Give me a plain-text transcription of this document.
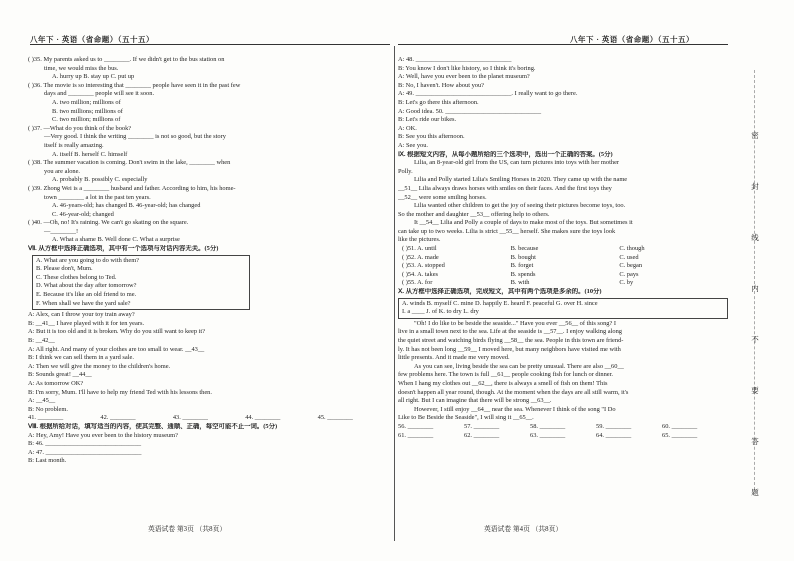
八年下 · 英语（省命题）（五十五）	八年下 · 英语（省命题）（五十五）
( )35. My parents asked us to ________. If we didn't get to the bus station on
time, we would miss the bus.
A. hurry up B. stay up C. put up
( )36. The movie is so interesting that ________ people have seen it in the past few
days and ________ people will see it soon.
A. two million; millions of
B. two millions; millions of
C. two million; millions of
( )37. —What do you think of the book?
—Very good. I think the writing ________ is not so good, but the story
itself is really amazing.
A. itself B. herself C. himself
( )38. The summer vacation is coming. Don't swim in the lake, ________ when
you are alone.
A. probably B. possibly C. especially
( )39. Zhong Wei is a ________ husband and father. According to him, his home-
town ________ a lot in the past ten years.
A. 46-years-old; has changed B. 46-year-old; has changed
C. 46-year-old; changed
( )40. —Oh, no! It's raining. We can't go skating on the square.
—________!
A. What a shame B. Well done C. What a surprise
Ⅶ. 从方框中选择正确选项，其中有一个选项与对话内容无关。(5分)
A. What are you going to do with them?
B. Please don't, Mum.
C. These clothes belong to Ted.
D. What about the day after tomorrow?
E. Because it's like an old friend to me.
F. When shall we have the yard sale?
A: Alex, can I throw your toy train away?
B: __41__ I have played with it for ten years.
A: But it is too old and it is broken. Why do you still want to keep it?
B: __42__
A: All right. And many of your clothes are too small to wear. __43__
B: I think we can sell them in a yard sale.
A: Then we will give the money to the children's home.
B: Sounds great! __44__
A: As tomorrow OK?
B: I'm sorry, Mum. I'll have to help my friend Ted with his lessons then.
A: __45__
B: No problem.
41. ________	42. ________	43. ________	44. ________	45. ________
Ⅷ. 根据所给对话，填写适当的内容，使其完整、通顺、正确，每空可能不止一词。(5分)
A: Hey, Amy! Have you ever been to the history museum?
B: 46. ______________________________
A: 47. ______________________________
B: Last month.
英语试卷 第3页 （共8页）
A: 48. ______________________________
B: You know I don't like history, so I think it's boring.
A: Well, have you ever been to the planet museum?
B: No, I haven't. How about you?
A: 49. ______________________________. I really want to go there.
B: Let's go there this afternoon.
A: Good idea. 50. ______________________________
B: Let's ride our bikes.
A: OK.
B: See you this afternoon.
A: See you.
Ⅸ. 根据短文内容，从每小题所给的三个选项中，选出一个正确的答案。(5分)
Lilia, an 8-year-old girl from the US, can turn pictures into toys with her mother
Polly.
Lilia and Polly started Lilia's Smiling Horses in 2020. They came up with the name
__51__ Lilia always draws horses with smiles on their faces. And the first toys they
__52__ were some smiling horses.
Lilia wanted other children to get the joy of seeing their pictures become toys, too.
So the mother and daughter __53__ offering help to others.
It __54__ Lilia and Polly a couple of days to make most of the toys. But sometimes it
can take up to two weeks. Lilia is strict __55__ herself. She makes sure the toys look
like the pictures.
( )51. A. until	B. because	C. though
( )52. A. made	B. bought	C. used
( )53. A. stopped	B. forget	C. began
( )54. A. takes	B. spends	C. pays
( )55. A. for	B. with	C. by
Ⅹ. 从方框中选择正确选项，完成短文，其中有两个选项是多余的。(10分)
A. winds B. myself C. mine D. happily E. heard F. peaceful G. over H. since
I. a ____ J. of K. to dry L. dry
"Oh! I do like to be beside the seaside..." Have you ever __56__ of this song? I
live in a small town next to the sea. Life at the seaside is __57__. I enjoy walking along
the quiet street and watching birds flying __58__ the sea. People in this town are friend-
ly. It has not been long __59__ I moved here, but many neighbors have visited me with
little presents. And it made me very moved.
As you can see, living beside the sea can be pretty unusual. There are also __60__
few problems here. The town is full __61__ people cooking fish for lunch or dinner.
When I hang my clothes out __62__, there is always a smell of fish on them! This
doesn't happen all year round, though. At the moment when the days are all still warm, it's
all right. But I can imagine that there will be strong __63__.
However, I still enjoy __64__ near the sea. Whenever I think of the song "I Do
Like to Be Beside the Seaside", I will sing it __65__.
56. ________	57. ________	58. ________	59. ________	60. ________
61. ________	62. ________	63. ________	64. ________	65. ________
英语试卷 第4页 （共8页）
密
封
线
内
不
要
答
题
